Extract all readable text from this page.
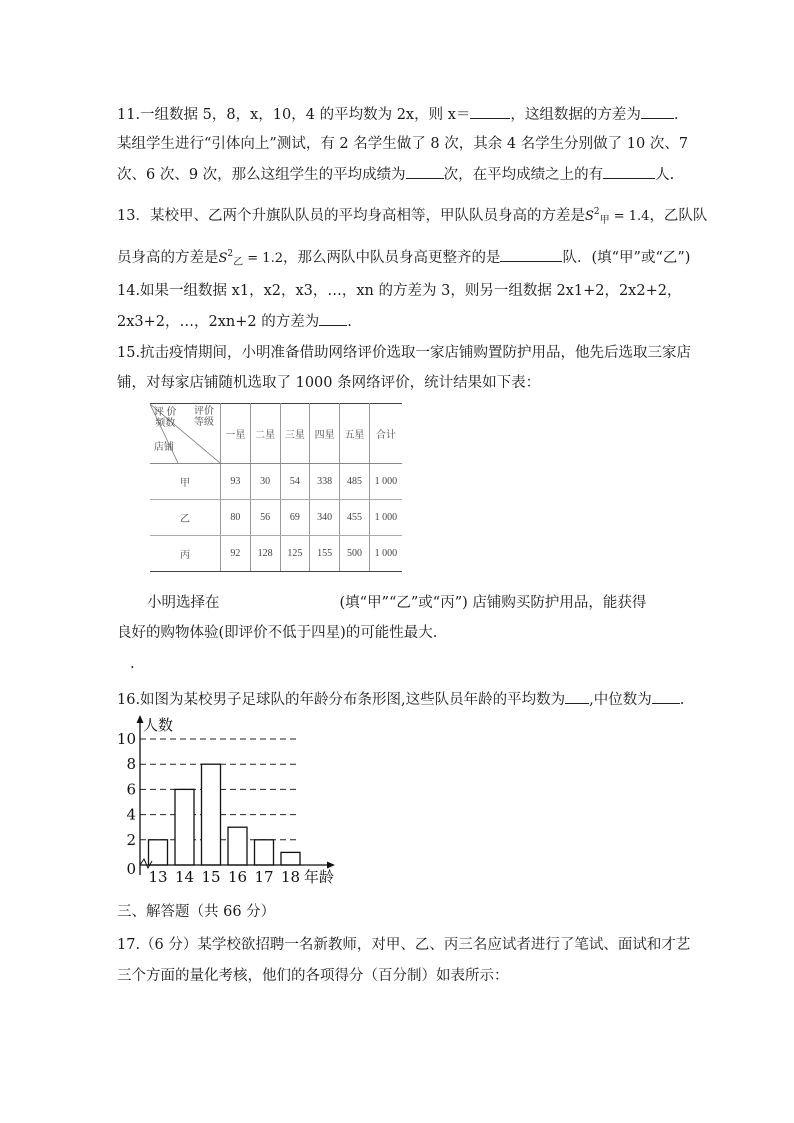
11.一组数据 5，8，x，10，4 的平均数为 2x，则 x＝	，这组数据的方差为 .
某组学生进行“引体向上”测试，有 2 名学生做了 8 次，其余 4 名学生分别做了 10 次、7
次、6 次、9 次，那么这组学生的平均成绩为	次，在平均成绩之上的有	人.
13．某校甲、乙两个升旗队队员的平均身高相等，甲队队员身高的方差是$S^2_甲 = 1.4$，乙队队
员身高的方差是$S^2_乙 = 1.2$，那么两队中队员身高更整齐的是	队．(填“甲”或“乙”)
14.如果一组数据 x1，x2，x3，…，xn 的方差为 3，则另一组数据 2x1+2，2x2+2，
2x3+2，…，2xn+2 的方差为 .
15.抗击疫情期间，小明准备借助网络评价选取一家店铺购置防护用品，他先后选取三家店
铺，对每家店铺随机选取了 1000 条网络评价，统计结果如下表：
评 价
频数
评价
等级
店铺	一星	二星	三星	四星	五星	合计
甲	93	30	54	338	485	1 000
乙	80	56	69	340	455	1 000
丙	92	128	125	155	500	1 000
小明选择在	(填“甲”“乙”或“丙”) 店铺购买防护用品，能获得
良好的购物体验(即评价不低于四星)的可能性最大.
.
16.如图为某校男子足球队的年龄分布条形图,这些队员年龄的平均数为 ,中位数为 .
0
2
4
6
8
10
13 14 15 16 17 18
人数
年龄
三、解答题（共 66 分）
17.（6 分）某学校欲招聘一名新教师，对甲、乙、丙三名应试者进行了笔试、面试和才艺
三个方面的量化考核，他们的各项得分（百分制）如表所示：
